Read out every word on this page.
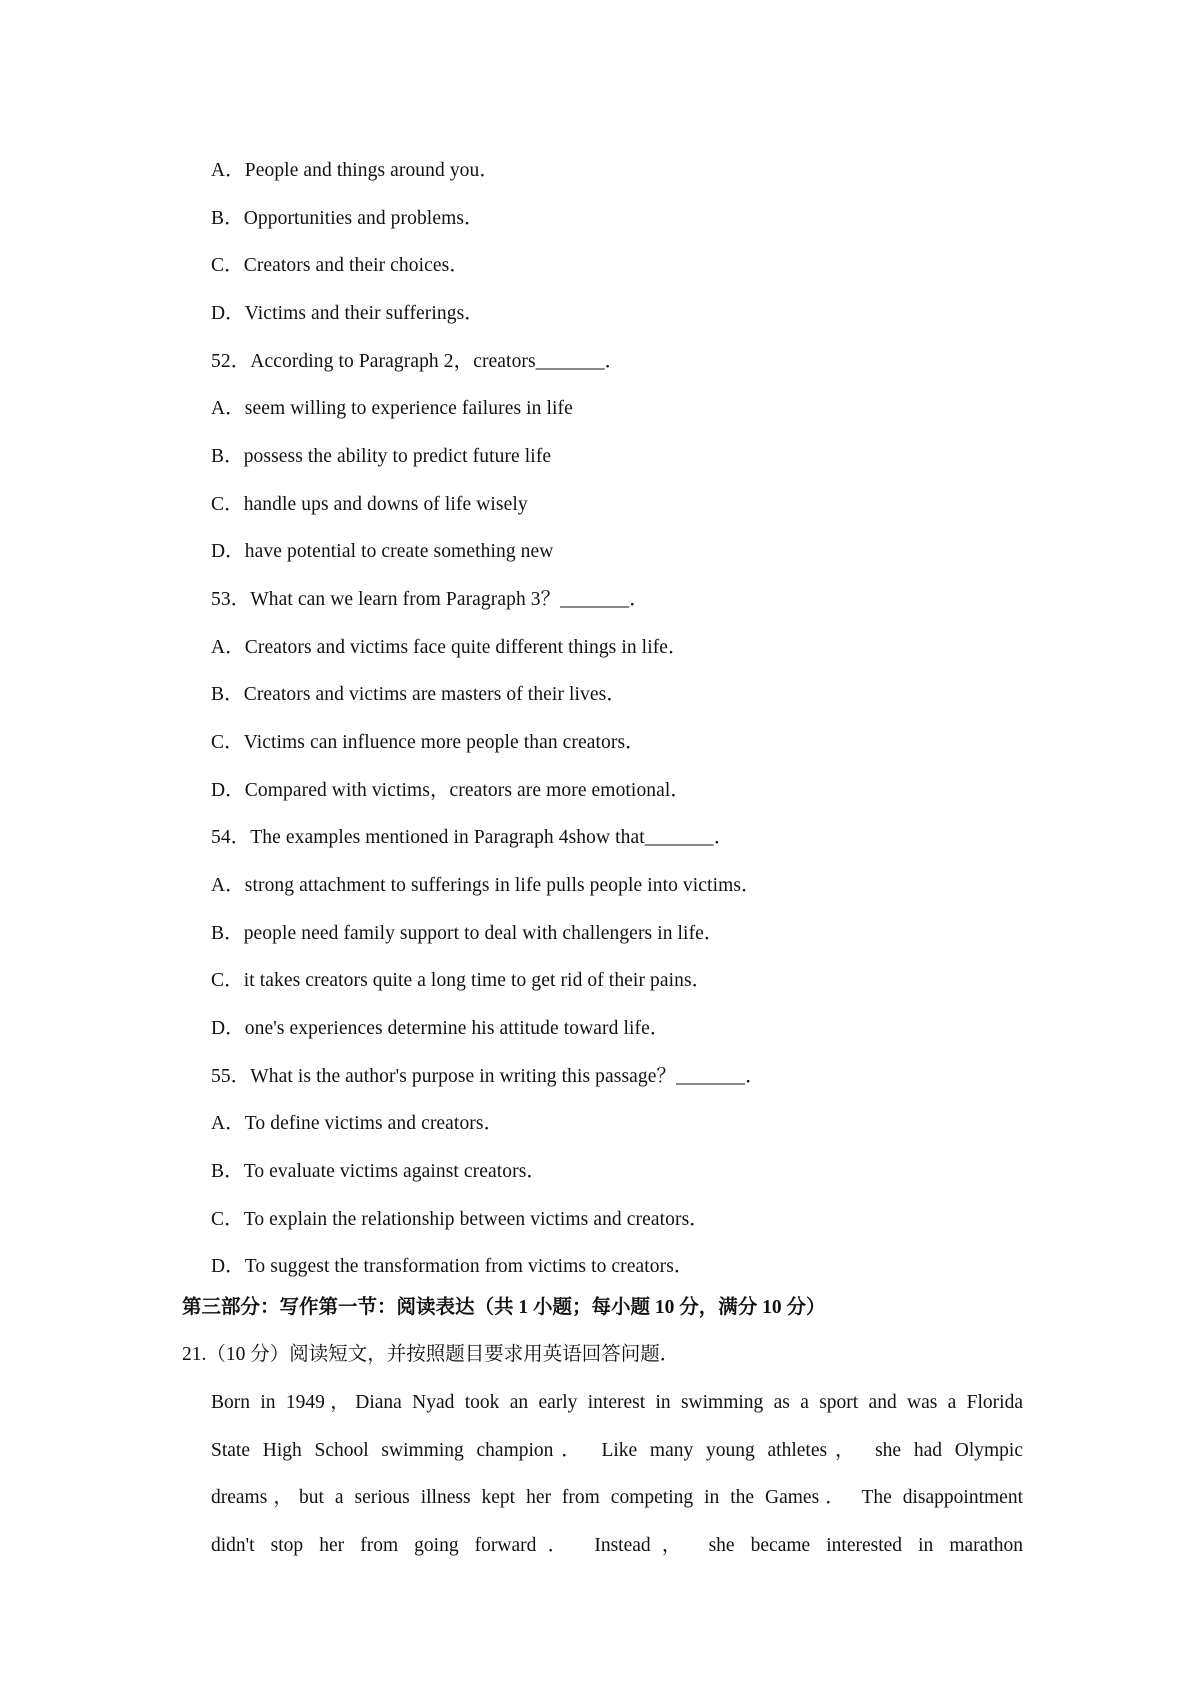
A．People and things around you．
B．Opportunities and problems．
C．Creators and their choices．
D．Victims and their sufferings．
52．According to Paragraph 2，creators_______．
A．seem willing to experience failures in life
B．possess the ability to predict future life
C．handle ups and downs of life wisely
D．have potential to create something new
53．What can we learn from Paragraph 3？_______．
A．Creators and victims face quite different things in life．
B．Creators and victims are masters of their lives．
C．Victims can influence more people than creators．
D．Compared with victims，creators are more emotional．
54．The examples mentioned in Paragraph 4show that_______．
A．strong attachment to sufferings in life pulls people into victims．
B．people need family support to deal with challengers in life．
C．it takes creators quite a long time to get rid of their pains．
D．one's experiences determine his attitude toward life．
55．What is the author's purpose in writing this passage？_______．
A．To define victims and creators．
B．To evaluate victims against creators．
C．To explain the relationship between victims and creators．
D．To suggest the transformation from victims to creators．
第三部分：写作第一节：阅读表达（共 1 小题；每小题 10 分，满分 10 分）
21.（10 分）阅读短文，并按照题目要求用英语回答问题．
Born in 1949，Diana Nyad took an early interest in swimming as a sport and was a Florida
State High School swimming champion． Like many young athletes， she had Olympic
dreams，but a serious illness kept her from competing in the Games． The disappointment
didn't stop her from going forward． Instead， she became interested in marathon
